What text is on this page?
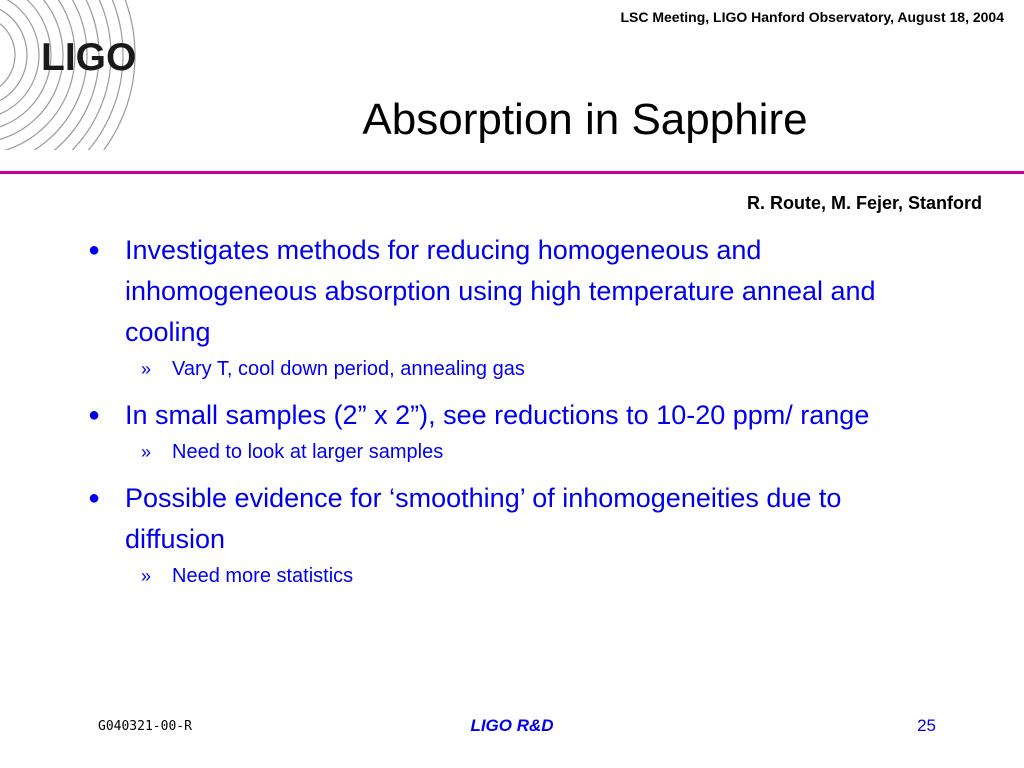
LIGO
LSC Meeting, LIGO Hanford Observatory, August 18, 2004
Absorption in Sapphire
R. Route, M. Fejer, Stanford
● Investigates methods for reducing homogeneous and inhomogeneous absorption using high temperature anneal and cooling
» Vary T, cool down period, annealing gas
● In small samples (2” x 2”), see reductions to 10-20 ppm/ range
» Need to look at larger samples
● Possible evidence for ‘smoothing’ of inhomogeneities due to diffusion
» Need more statistics
G040321-00-R	LIGO R&D	25
